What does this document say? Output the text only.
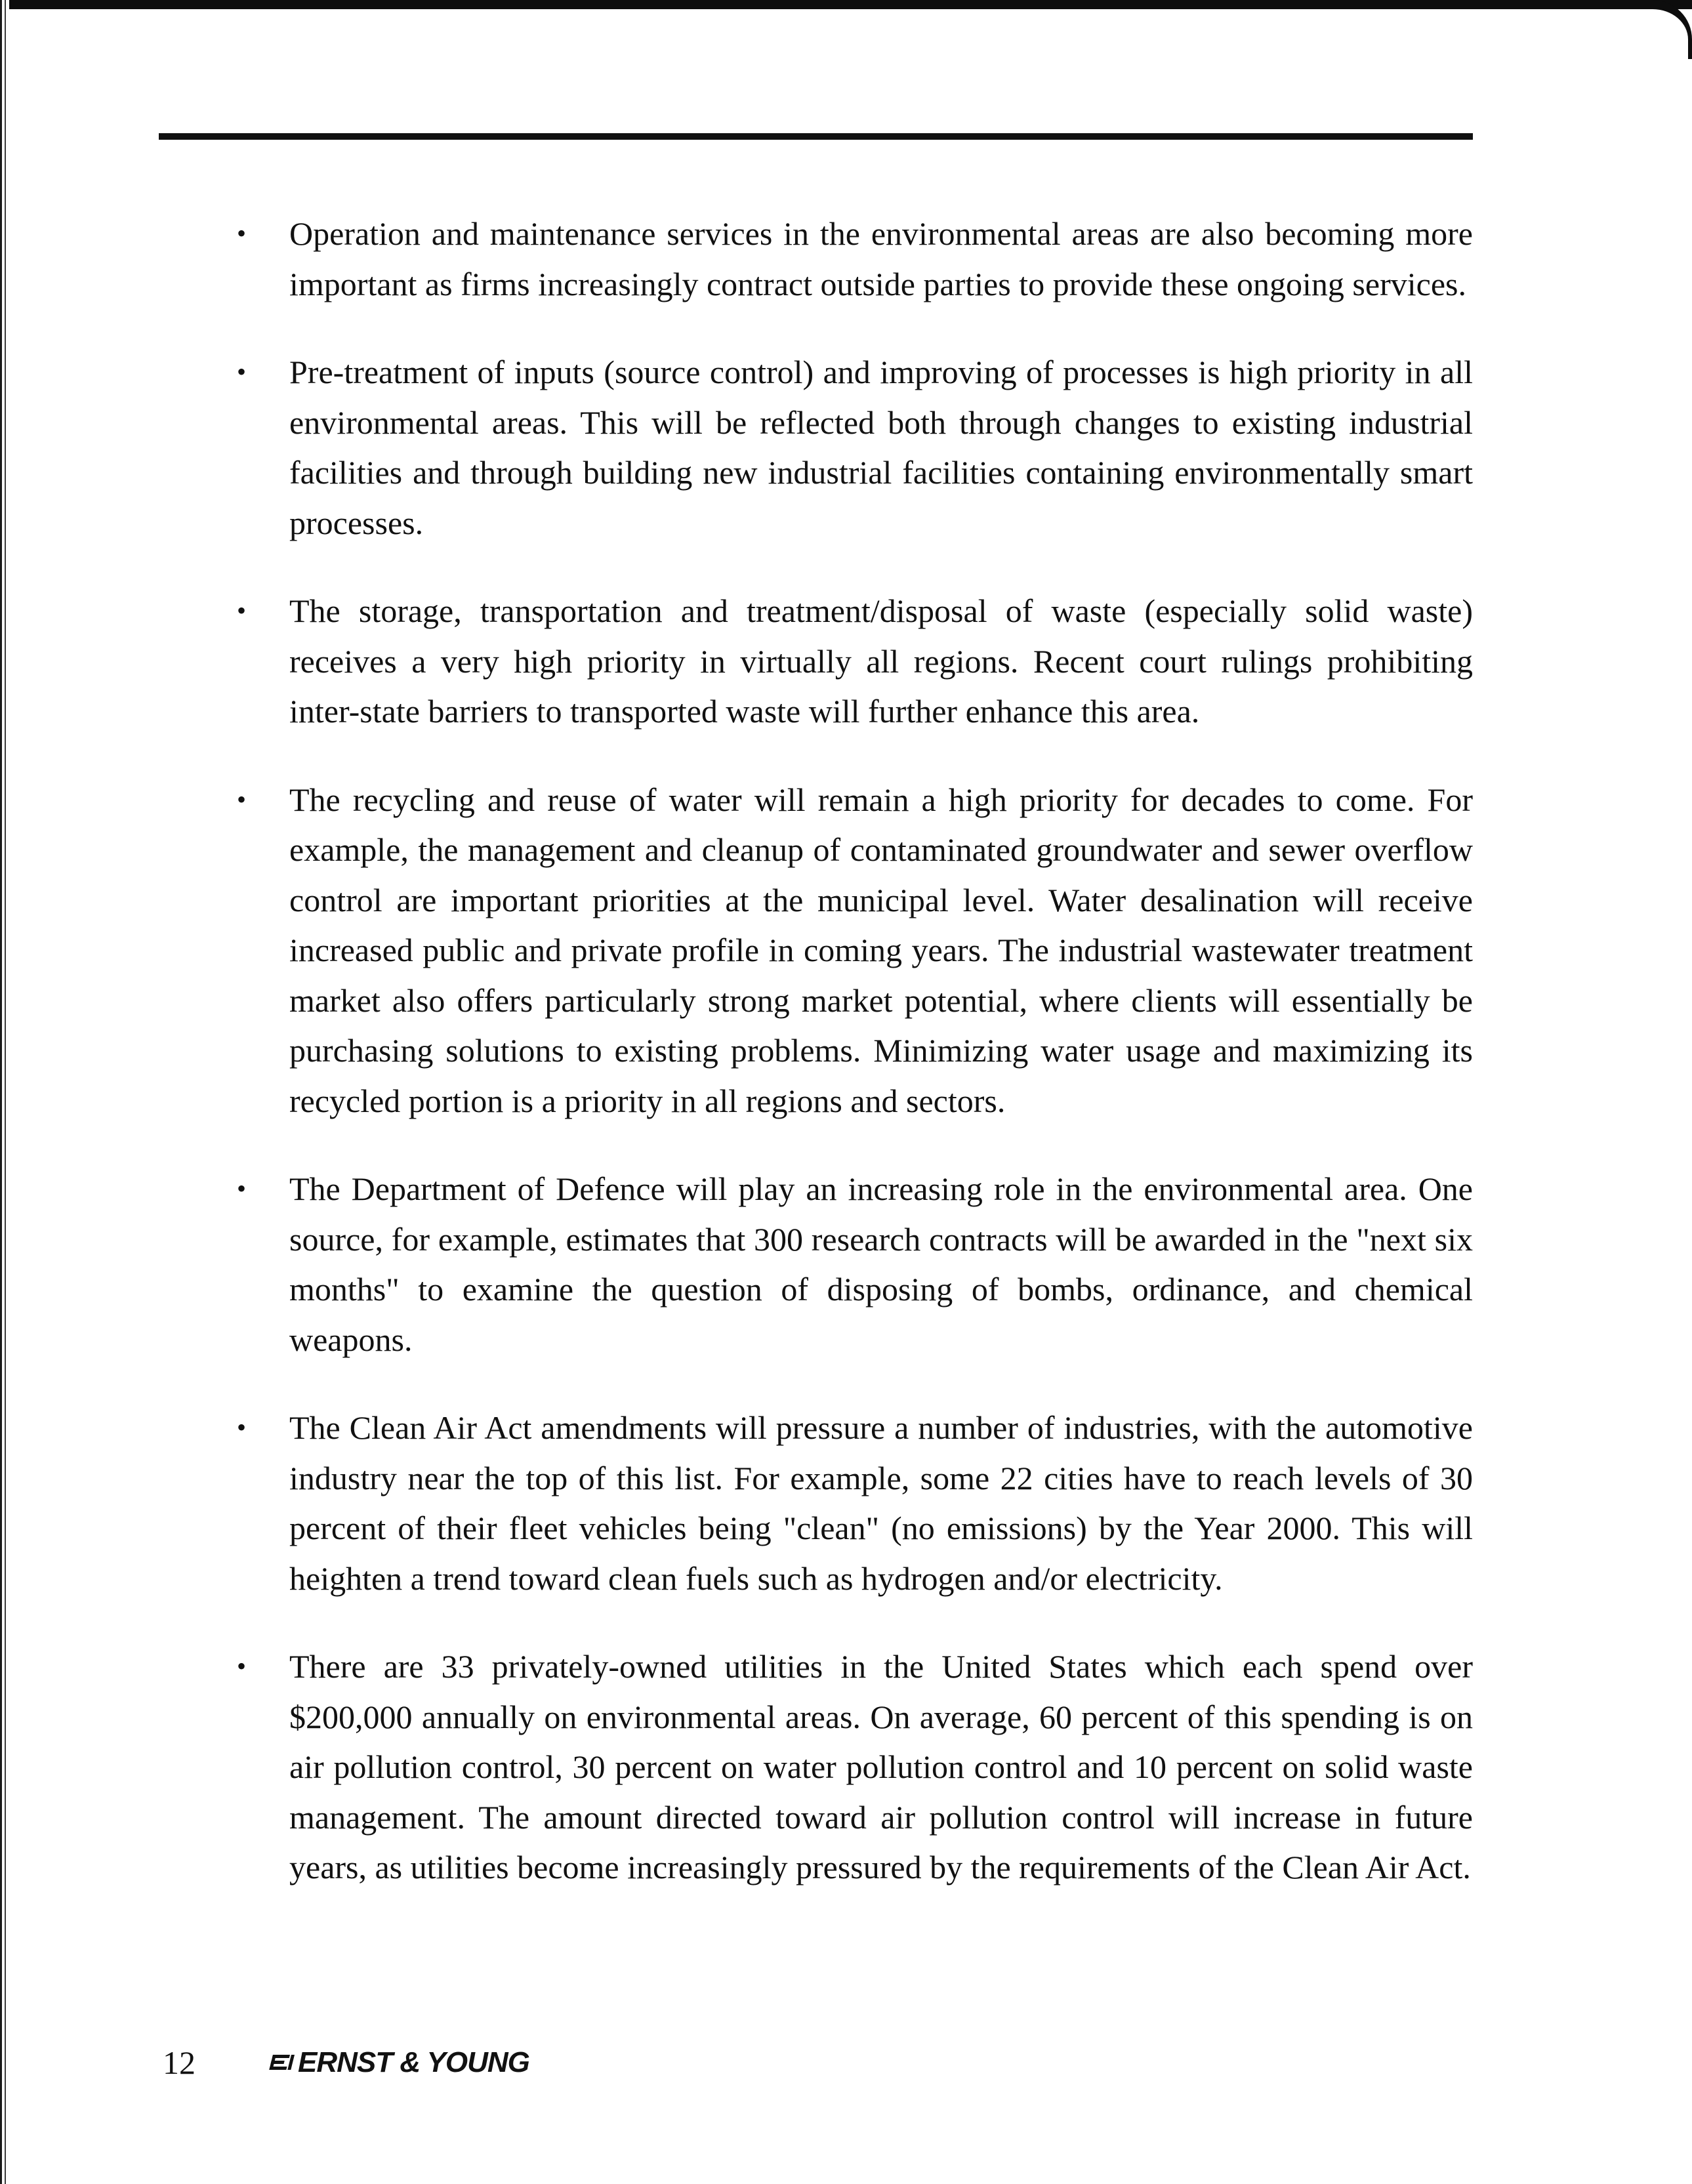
• Operation and maintenance services in the environmental areas are also becoming more important as firms increasingly contract outside parties to provide these ongoing services.
• Pre-treatment of inputs (source control) and improving of processes is high priority in all environmental areas. This will be reflected both through changes to existing industrial facilities and through building new industrial facilities containing environmentally smart processes.
• The storage, transportation and treatment/disposal of waste (especially solid waste) receives a very high priority in virtually all regions. Recent court rulings prohibiting inter-state barriers to transported waste will further enhance this area.
• The recycling and reuse of water will remain a high priority for decades to come. For example, the management and cleanup of contaminated groundwater and sewer overflow control are important priorities at the municipal level. Water desalination will receive increased public and private profile in coming years. The industrial wastewater treatment market also offers particularly strong market potential, where clients will essentially be purchasing solutions to existing problems. Minimizing water usage and maximizing its recycled portion is a priority in all regions and sectors.
• The Department of Defence will play an increasing role in the environmental area. One source, for example, estimates that 300 research contracts will be awarded in the "next six months" to examine the question of disposing of bombs, ordinance, and chemical weapons.
• The Clean Air Act amendments will pressure a number of industries, with the automotive industry near the top of this list. For example, some 22 cities have to reach levels of 30 percent of their fleet vehicles being "clean" (no emissions) by the Year 2000. This will heighten a trend toward clean fuels such as hydrogen and/or electricity.
• There are 33 privately-owned utilities in the United States which each spend over $200,000 annually on environmental areas. On average, 60 percent of this spending is on air pollution control, 30 percent on water pollution control and 10 percent on solid waste management. The amount directed toward air pollution control will increase in future years, as utilities become increasingly pressured by the requirements of the Clean Air Act.
12	ERNST & YOUNG
